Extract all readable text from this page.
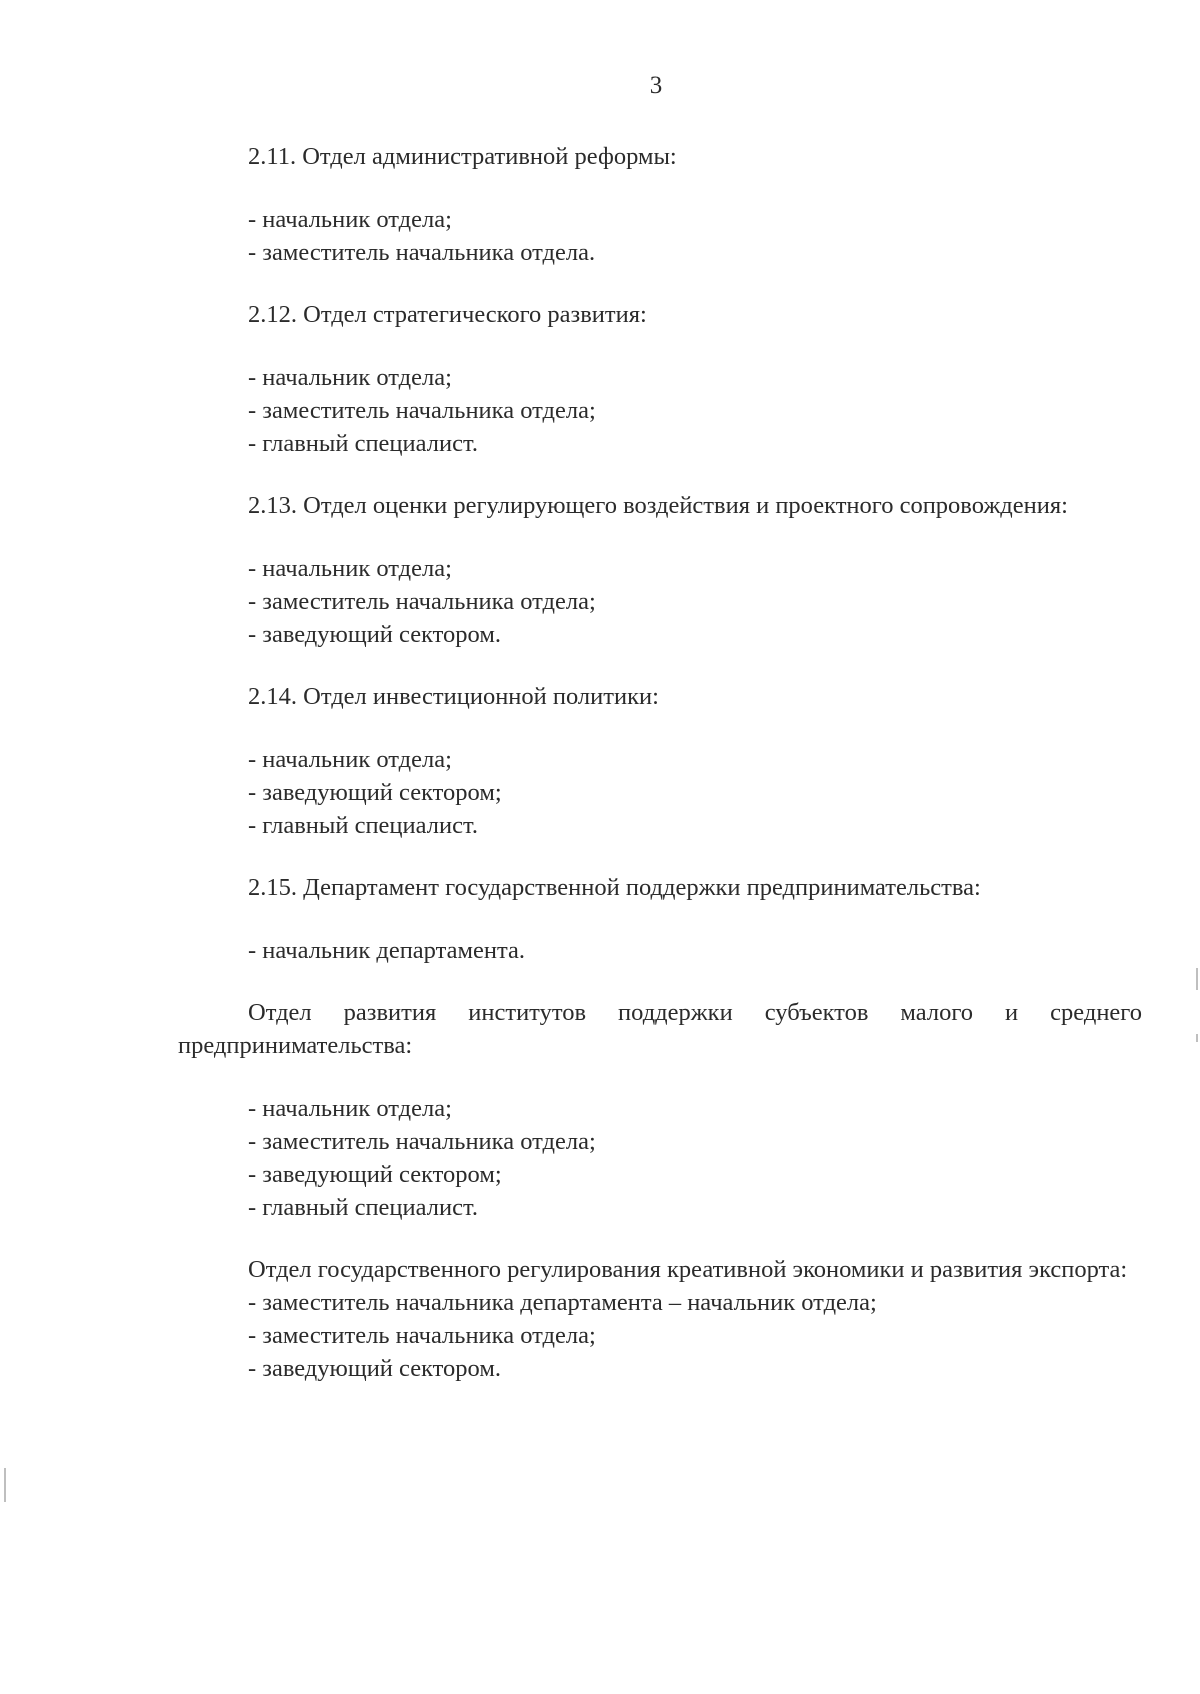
3

2.11. Отдел административной реформы:

- начальник отдела;
- заместитель начальника отдела.

2.12. Отдел стратегического развития:

- начальник отдела;
- заместитель начальника отдела;
- главный специалист.

2.13. Отдел оценки регулирующего воздействия и проектного сопровождения:

- начальник отдела;
- заместитель начальника отдела;
- заведующий сектором.

2.14. Отдел инвестиционной политики:

- начальник отдела;
- заведующий сектором;
- главный специалист.

2.15. Департамент государственной поддержки предпринимательства:

- начальник департамента.

Отдел развития институтов поддержки субъектов малого и среднего предпринимательства:

- начальник отдела;
- заместитель начальника отдела;
- заведующий сектором;
- главный специалист.

Отдел государственного регулирования креативной экономики и развития экспорта:

- заместитель начальника департамента – начальник отдела;
- заместитель начальника отдела;
- заведующий сектором.
